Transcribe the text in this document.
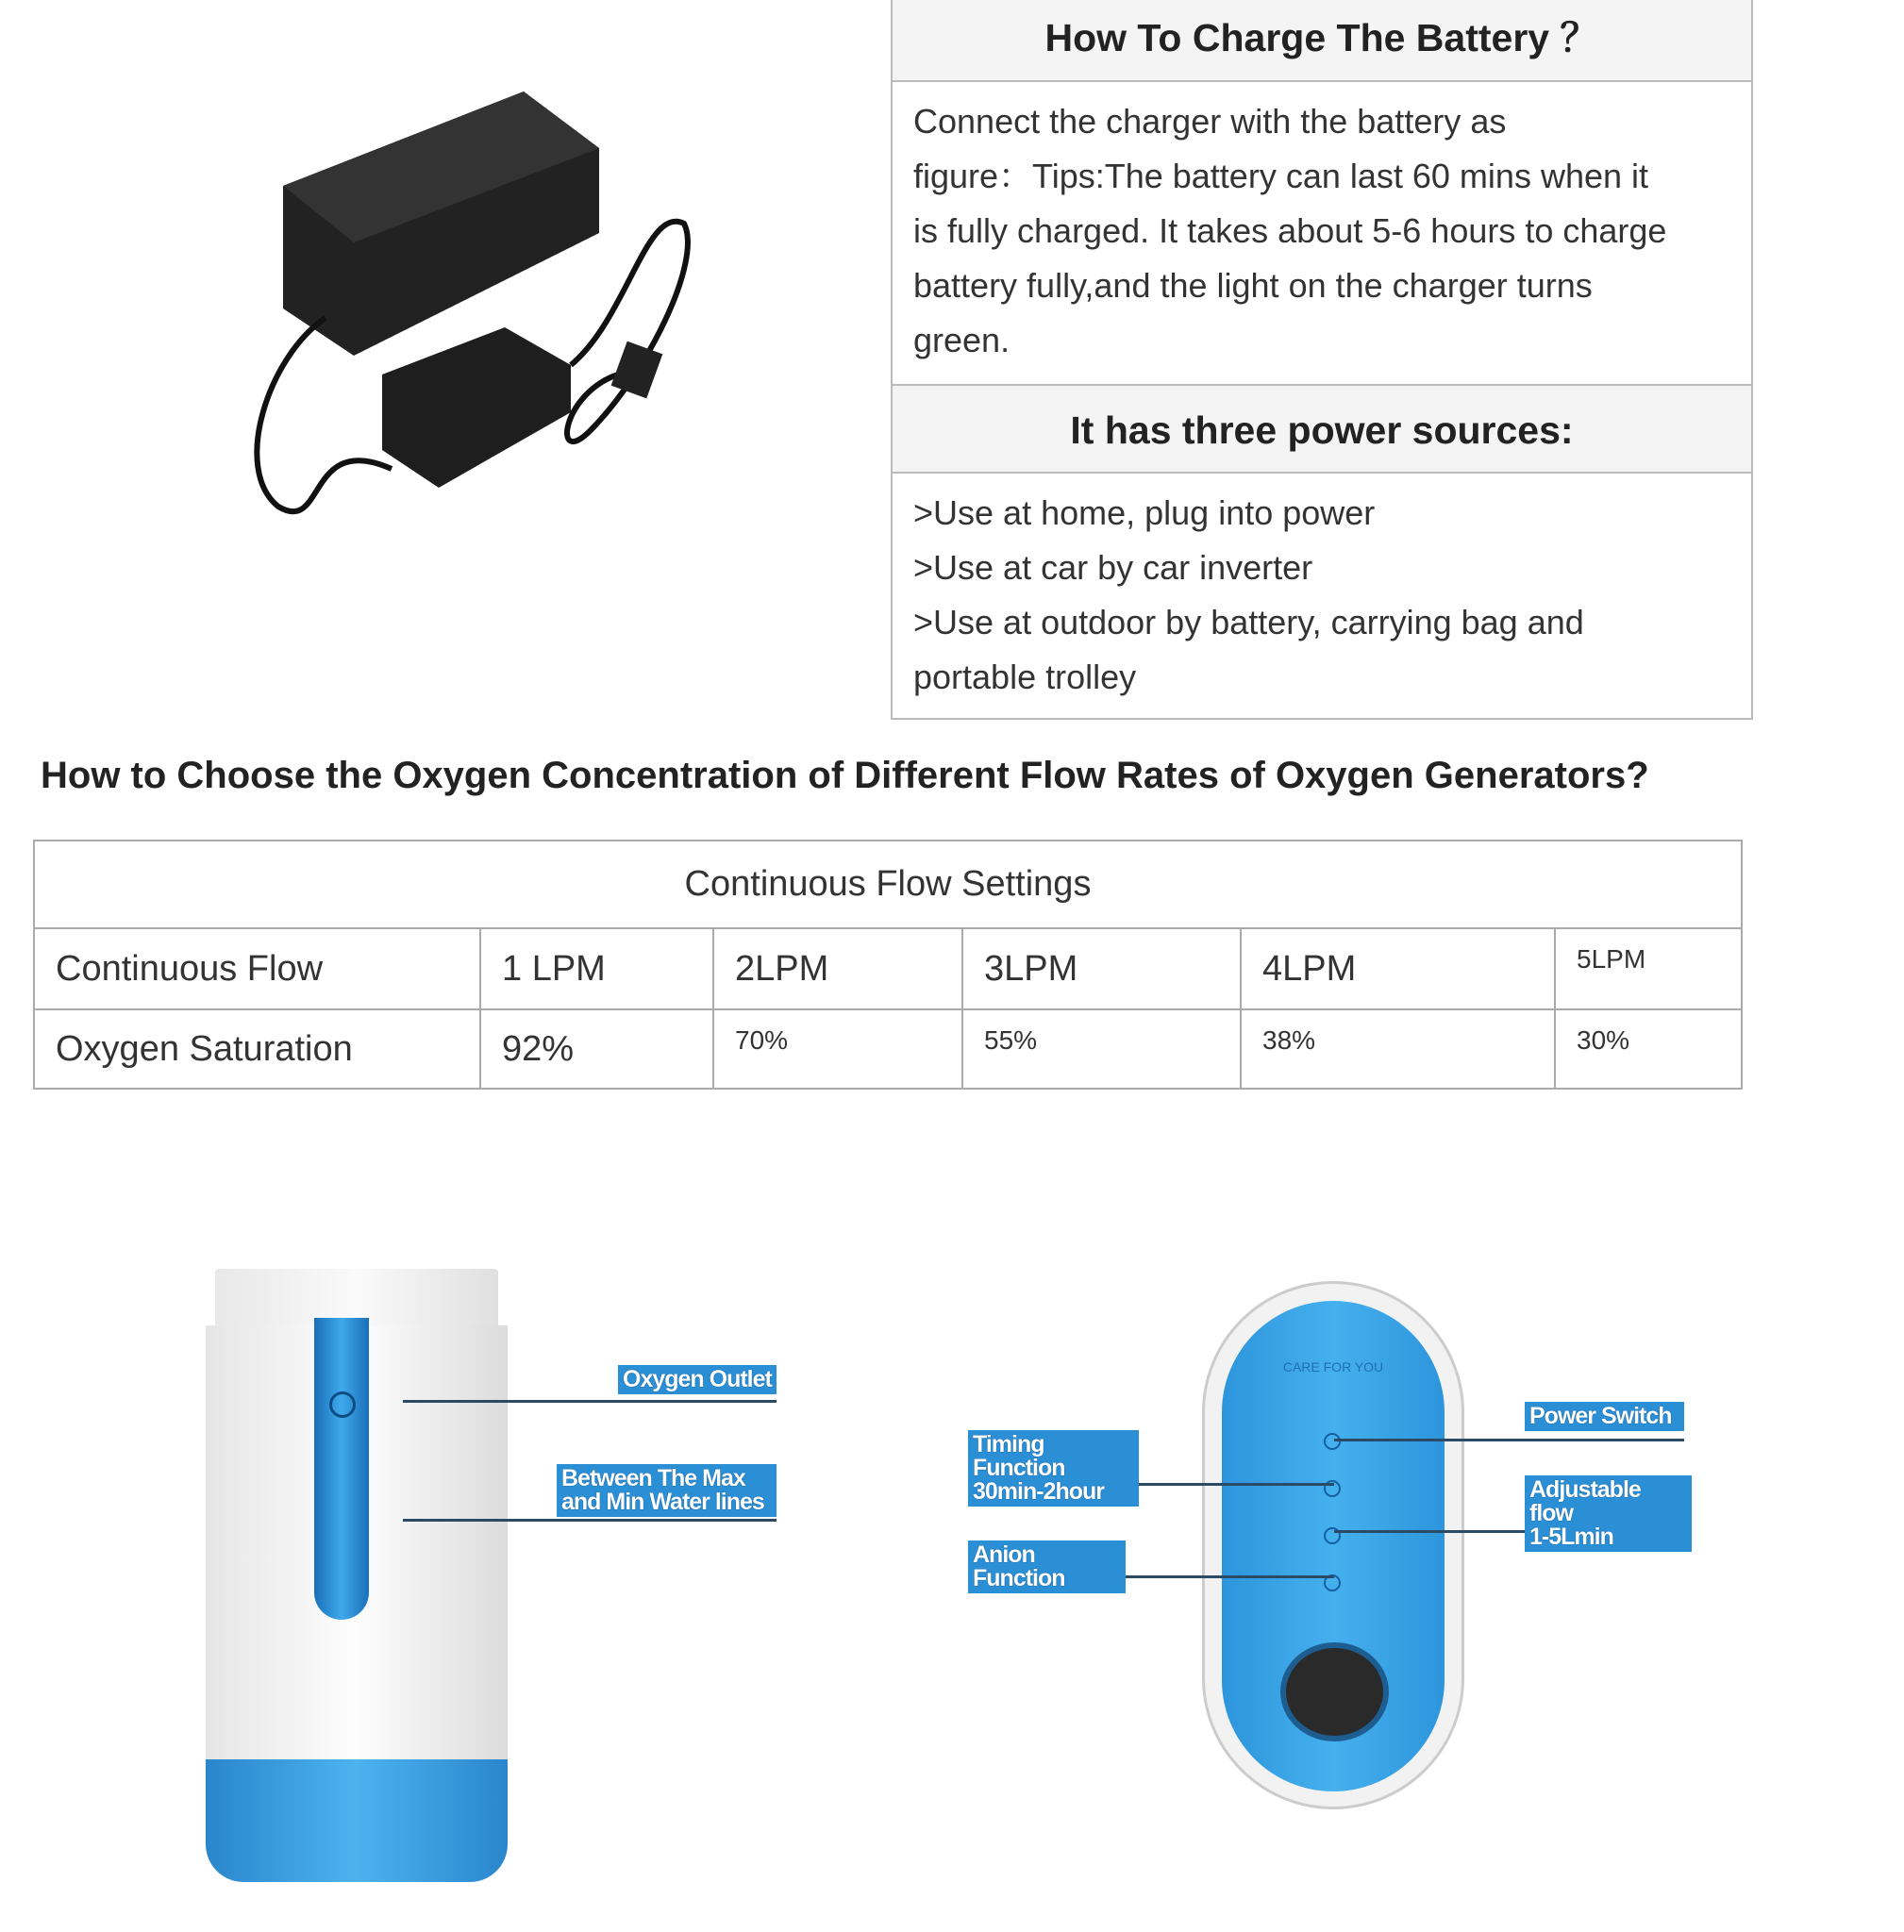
How To Charge The Battery ？
Connect the charger with the battery as
figure：Tips:The battery can last 60 mins when it
is fully charged. It takes about 5-6 hours to charge
battery fully,and the light on the charger turns
green.
It has three power sources:
>Use at home, plug into power
>Use at car by car inverter
>Use at outdoor by battery, carrying bag and
portable trolley
How to Choose the Oxygen Concentration of Different Flow Rates of Oxygen Generators?
Continuous Flow Settings					
Continuous Flow	1 LPM	2LPM	3LPM	4LPM	5LPM
Oxygen Saturation	92%	70%	55%	38%	30%
Oxygen Outlet
Between The Max
and Min Water lines
CARE FOR YOU
Power Switch
Adjustable flow
1-5Lmin
Timing Function
30min-2hour
Anion Function
